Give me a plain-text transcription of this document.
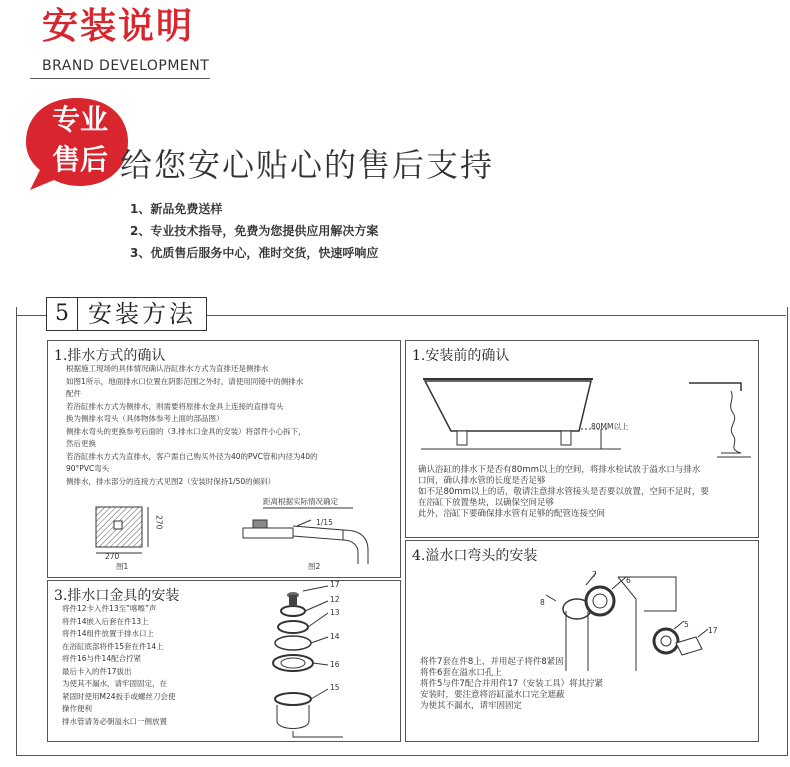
安装说明
BRAND DEVELOPMENT
专业
售后 给您安心贴心的售后支持
1、新品免费送样
2、专业技术指导，免费为您提供应用解决方案
3、优质售后服务中心，准时交货，快速呼响应
5 安装方法
1.排水方式的确认
根据施工现场的具体情况确认浴缸排水方式为直排还是侧排水
如图1所示，地面排水口位置在阴影范围之外时，请使用同镜中的侧排水
配件
若浴缸排水方式为侧排水，则需要将原排水金具上连接的直排弯头
换为侧排水弯头（具体物体参考上面的部品图）
侧排水弯头的更换参考后面的（3.排水口金具的安装）将部件小心拆下，
然后更换
若浴缸排水方式为直排水，客户需自己购买外径为40的PVC管和内径为40的
90°PVC弯头
侧排水，排水部分的连接方式见图2（安装时保持1/50的倾斜）
270
270
图1
距离根据实际情况确定
1/15
图2
1.安装前的确认
80MM以上
确认浴缸的排水下是否有80mm以上的空间，将排水栓试放于溢水口与排水
口间，确认排水管的长度是否足够
如不足80mm以上的话，敬请注意排水管接头是否要以放置，空间不足时，要
在浴缸下放置垫块，以确保空间足够
此外，浴缸下要确保排水管有足够的配管连接空间
3.排水口金具的安装
将件12卡入件13至“喀嚓”声
将件14嵌入后套在件13上
将件14组件放置于排水口上
在浴缸底部将件15套在件14上
将件16与件14配合拧紧
最后卡入的件17拔出
为使其不漏水，请牢固固定，在
紧固时使用M24扳手或螺丝刀会使
操作便利
排水管请务必朝溢水口一侧放置
17
12
13
14
15
16
4.溢水口弯头的安装
7
6
8
5
17
将件7套在件8上，并用起子将件8紧固
将件6套在溢水口孔上
将件5与件7配合并用件17（安装工具）将其拧紧
安装时，要注意将浴缸溢水口完全遮蔽
为使其不漏水，请牢固固定
